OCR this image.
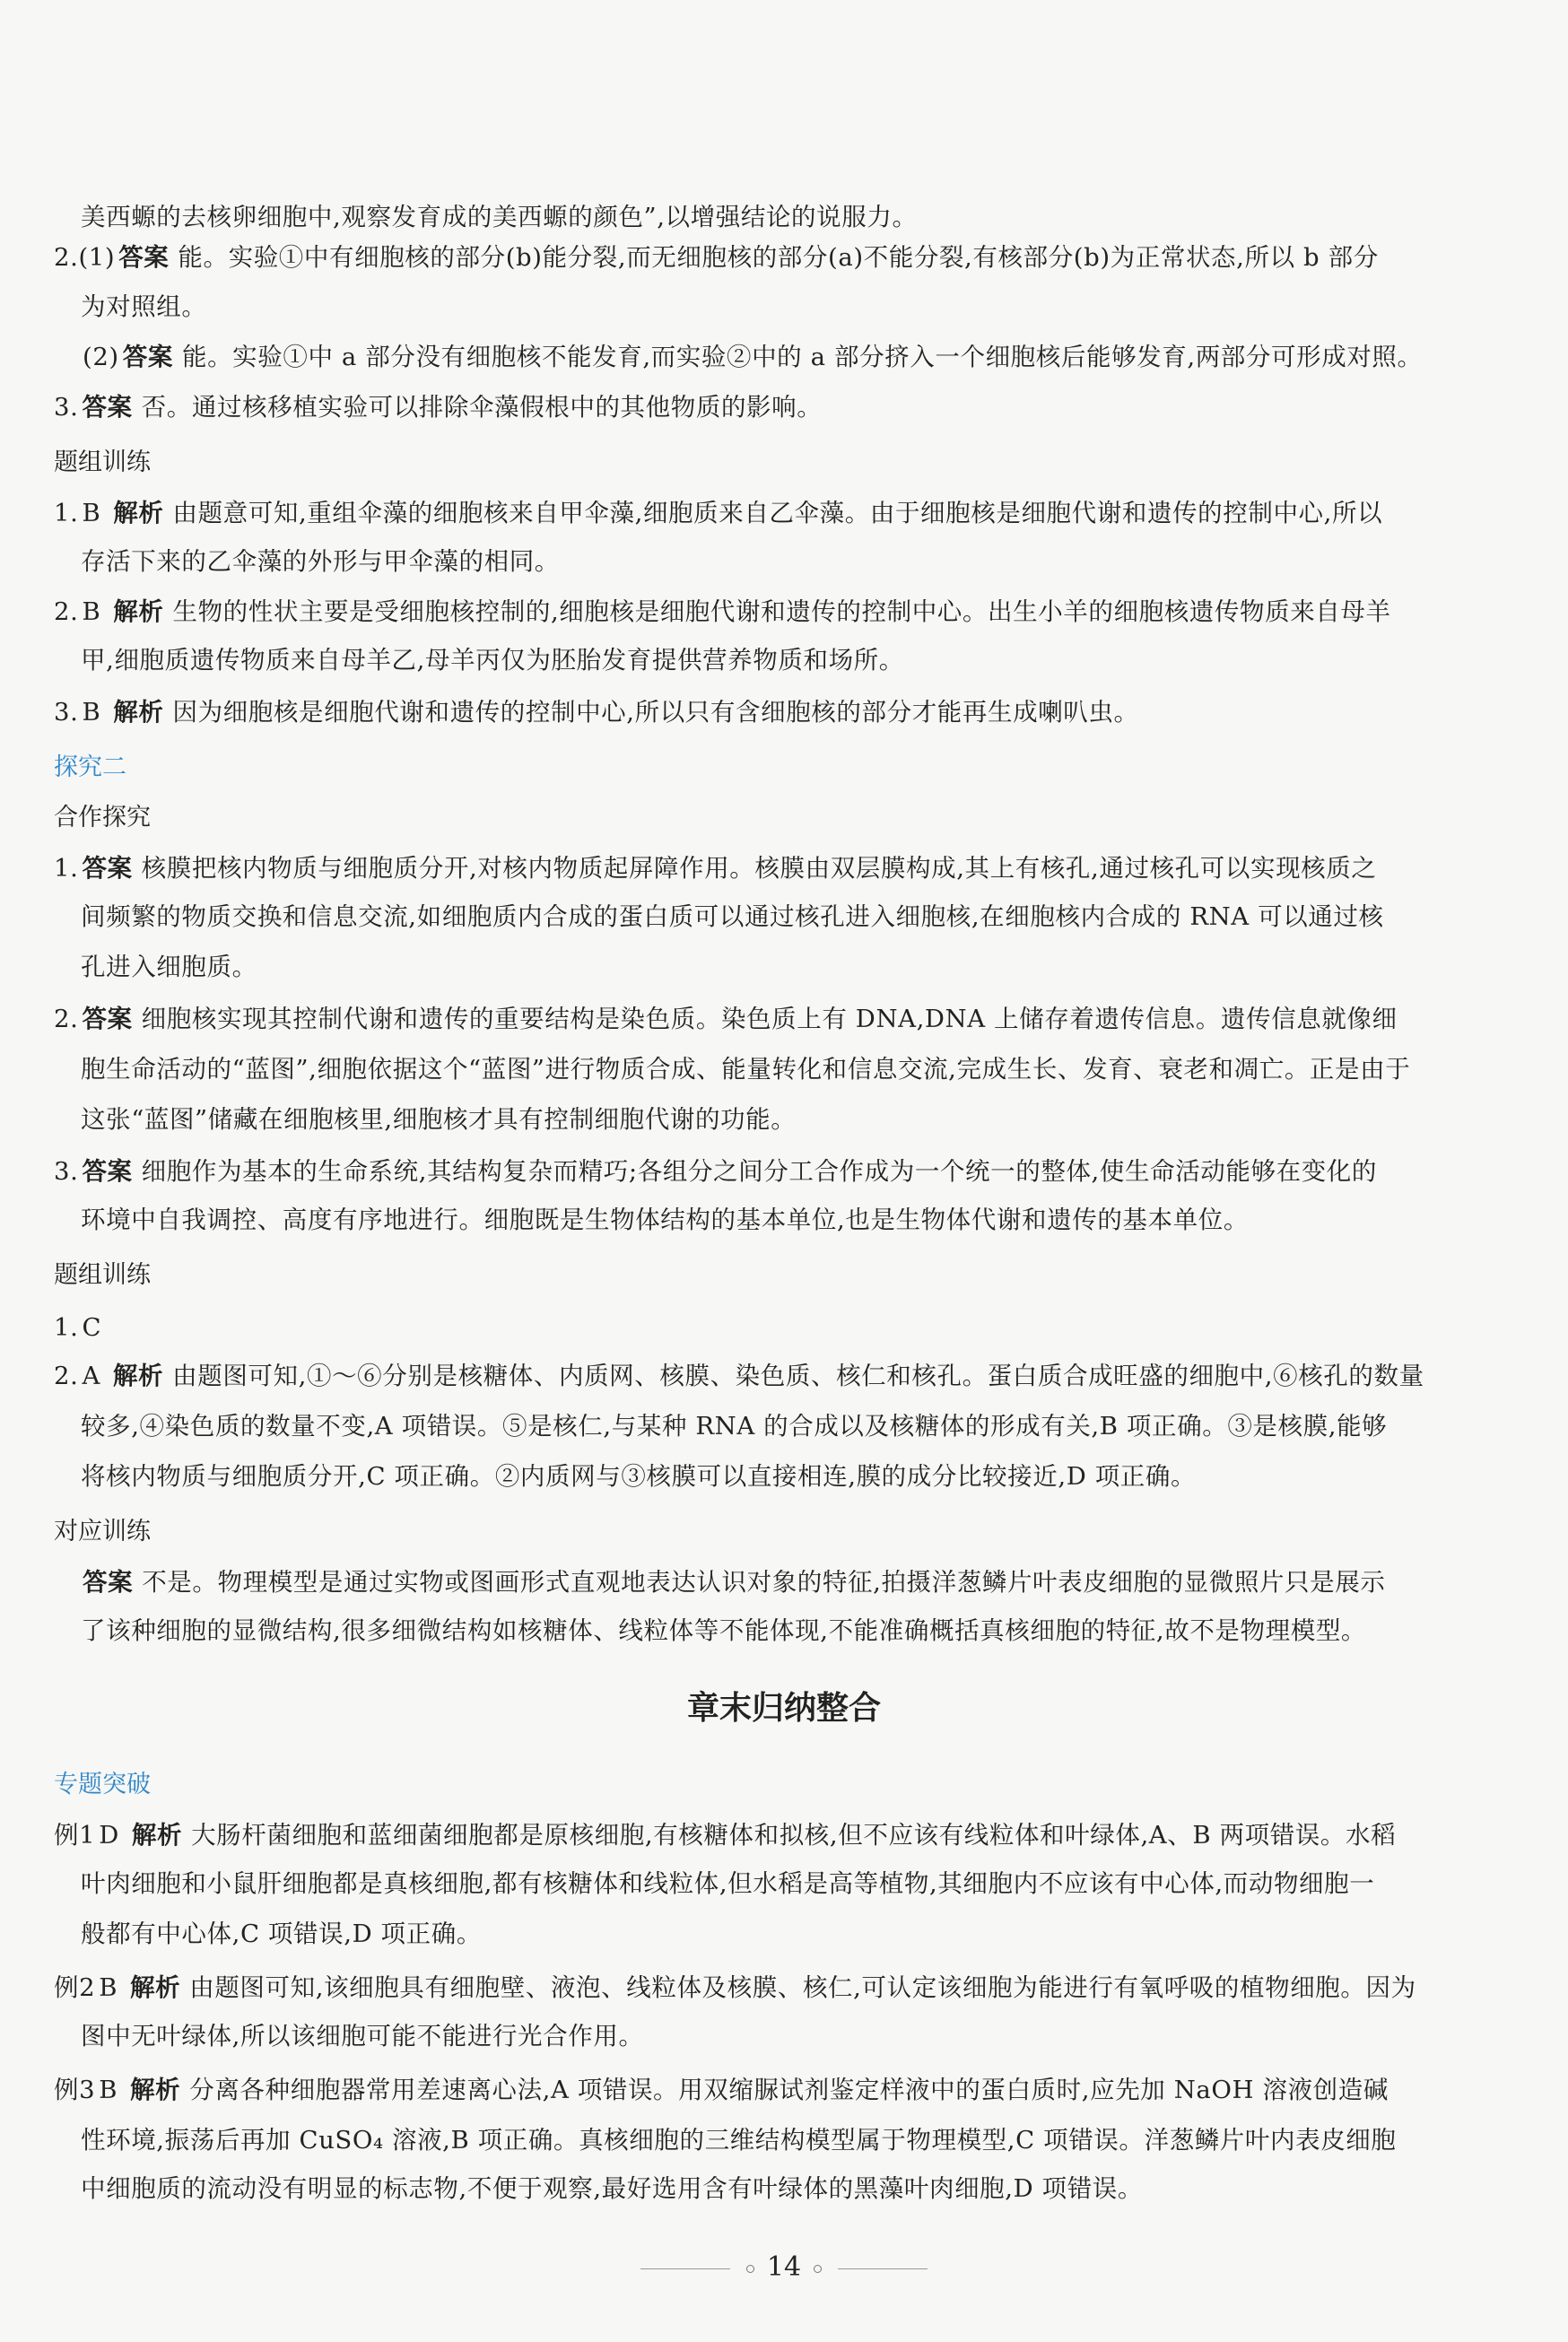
美西螈的去核卵细胞中,观察发育成的美西螈的颜色”,以增强结论的说服力。
2.(1) 答案 能。实验①中有细胞核的部分(b)能分裂,而无细胞核的部分(a)不能分裂,有核部分(b)为正常状态,所以 b 部分
为对照组。
(2) 答案 能。实验①中 a 部分没有细胞核不能发育,而实验②中的 a 部分挤入一个细胞核后能够发育,两部分可形成对照。
3. 答案 否。通过核移植实验可以排除伞藻假根中的其他物质的影响。
题组训练
1. B 解析 由题意可知,重组伞藻的细胞核来自甲伞藻,细胞质来自乙伞藻。由于细胞核是细胞代谢和遗传的控制中心,所以
存活下来的乙伞藻的外形与甲伞藻的相同。
2. B 解析 生物的性状主要是受细胞核控制的,细胞核是细胞代谢和遗传的控制中心。出生小羊的细胞核遗传物质来自母羊
甲,细胞质遗传物质来自母羊乙,母羊丙仅为胚胎发育提供营养物质和场所。
3. B 解析 因为细胞核是细胞代谢和遗传的控制中心,所以只有含细胞核的部分才能再生成喇叭虫。
探究二
合作探究
1. 答案 核膜把核内物质与细胞质分开,对核内物质起屏障作用。核膜由双层膜构成,其上有核孔,通过核孔可以实现核质之
间频繁的物质交换和信息交流,如细胞质内合成的蛋白质可以通过核孔进入细胞核,在细胞核内合成的 RNA 可以通过核
孔进入细胞质。
2. 答案 细胞核实现其控制代谢和遗传的重要结构是染色质。染色质上有 DNA,DNA 上储存着遗传信息。遗传信息就像细
胞生命活动的“蓝图”,细胞依据这个“蓝图”进行物质合成、能量转化和信息交流,完成生长、发育、衰老和凋亡。正是由于
这张“蓝图”储藏在细胞核里,细胞核才具有控制细胞代谢的功能。
3. 答案 细胞作为基本的生命系统,其结构复杂而精巧;各组分之间分工合作成为一个统一的整体,使生命活动能够在变化的
环境中自我调控、高度有序地进行。细胞既是生物体结构的基本单位,也是生物体代谢和遗传的基本单位。
题组训练
1. C
2. A 解析 由题图可知,①～⑥分别是核糖体、内质网、核膜、染色质、核仁和核孔。蛋白质合成旺盛的细胞中,⑥核孔的数量
较多,④染色质的数量不变,A 项错误。⑤是核仁,与某种 RNA 的合成以及核糖体的形成有关,B 项正确。③是核膜,能够
将核内物质与细胞质分开,C 项正确。②内质网与③核膜可以直接相连,膜的成分比较接近,D 项正确。
对应训练
答案 不是。物理模型是通过实物或图画形式直观地表达认识对象的特征,拍摄洋葱鳞片叶表皮细胞的显微照片只是展示
了该种细胞的显微结构,很多细微结构如核糖体、线粒体等不能体现,不能准确概括真核细胞的特征,故不是物理模型。
章末归纳整合
专题突破
例1 D 解析 大肠杆菌细胞和蓝细菌细胞都是原核细胞,有核糖体和拟核,但不应该有线粒体和叶绿体,A、B 两项错误。水稻
叶肉细胞和小鼠肝细胞都是真核细胞,都有核糖体和线粒体,但水稻是高等植物,其细胞内不应该有中心体,而动物细胞一
般都有中心体,C 项错误,D 项正确。
例2 B 解析 由题图可知,该细胞具有细胞壁、液泡、线粒体及核膜、核仁,可认定该细胞为能进行有氧呼吸的植物细胞。因为
图中无叶绿体,所以该细胞可能不能进行光合作用。
例3 B 解析 分离各种细胞器常用差速离心法,A 项错误。用双缩脲试剂鉴定样液中的蛋白质时,应先加 NaOH 溶液创造碱
性环境,振荡后再加 CuSO₄ 溶液,B 项正确。真核细胞的三维结构模型属于物理模型,C 项错误。洋葱鳞片叶内表皮细胞
中细胞质的流动没有明显的标志物,不便于观察,最好选用含有叶绿体的黑藻叶肉细胞,D 项错误。
14
